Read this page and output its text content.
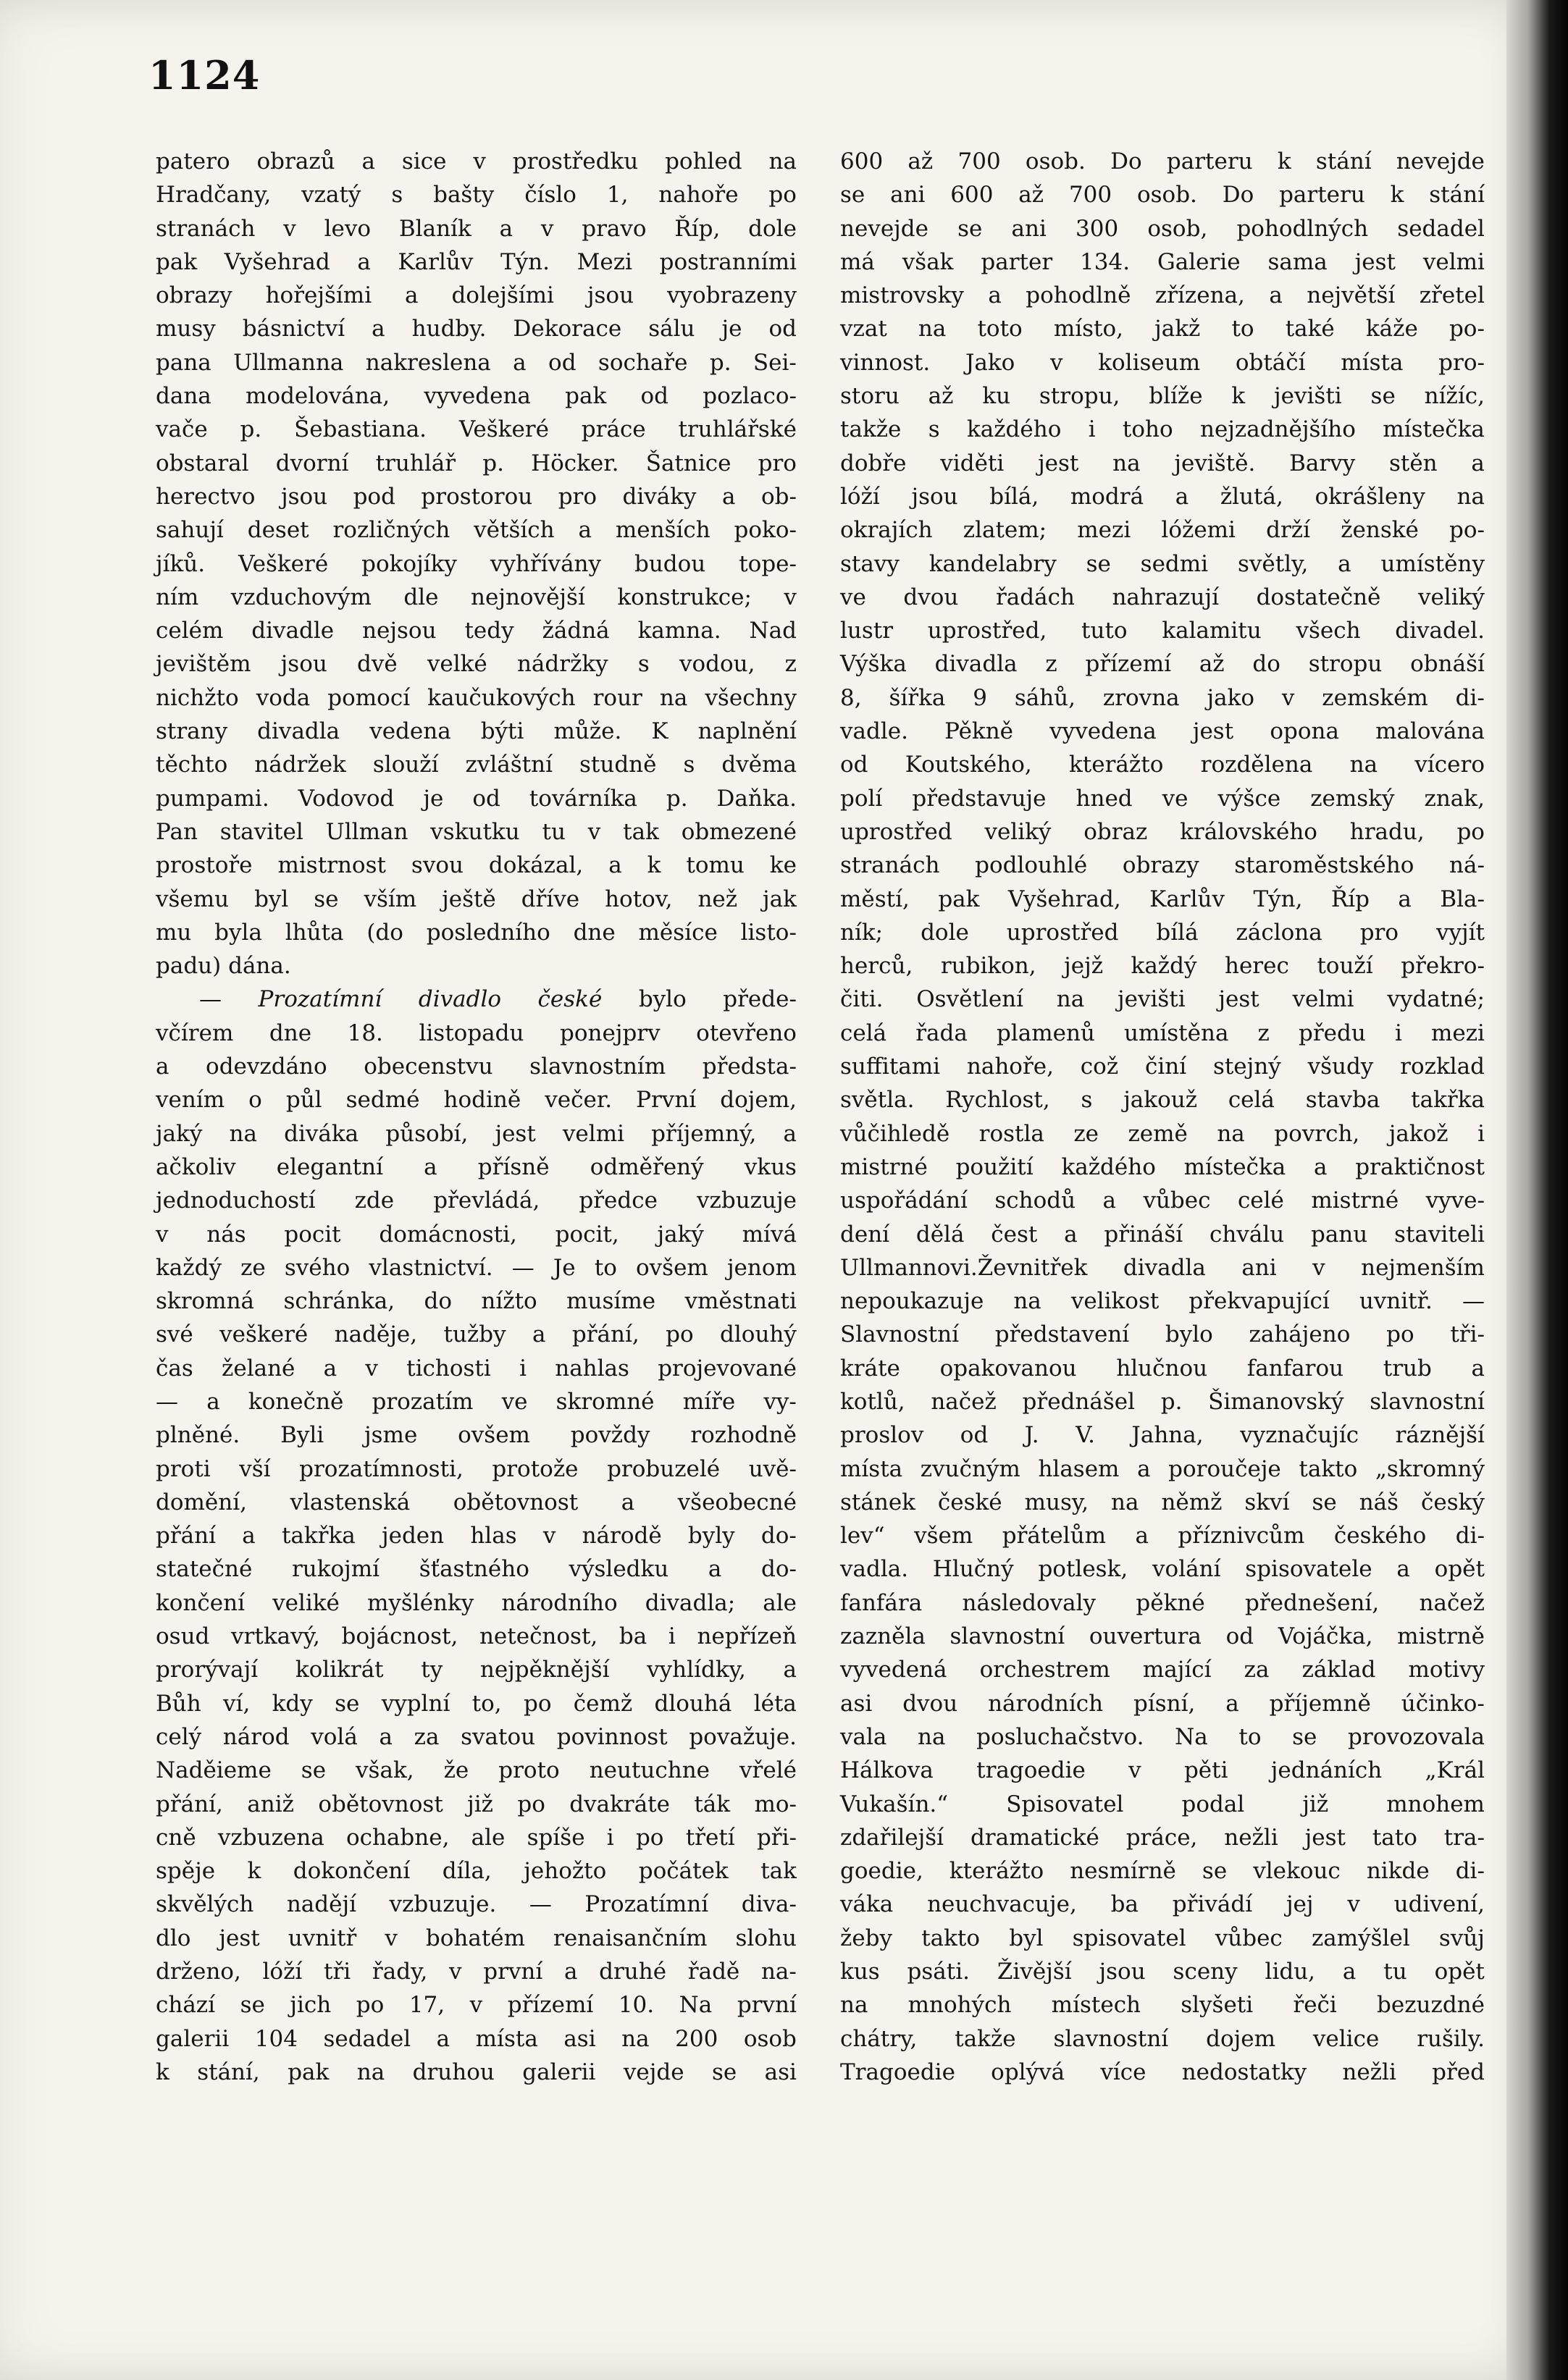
1124
patero obrazů a sice v prostředku pohled na
Hradčany, vzatý s bašty číslo 1, nahoře po
stranách v levo Blaník a v pravo Říp, dole
pak Vyšehrad a Karlův Týn. Mezi postranními
obrazy hořejšími a dolejšími jsou vyobrazeny
musy básnictví a hudby. Dekorace sálu je od
pana Ullmanna nakreslena a od sochaře p. Sei-
dana modelována, vyvedena pak od pozlaco-
vače p. Šebastiana. Veškeré práce truhlářské
obstaral dvorní truhlář p. Höcker. Šatnice pro
herectvo jsou pod prostorou pro diváky a ob-
sahují deset rozličných větších a menších poko-
jíků. Veškeré pokojíky vyhřívány budou tope-
ním vzduchovým dle nejnovější konstrukce; v
celém divadle nejsou tedy žádná kamna. Nad
jevištěm jsou dvě velké nádržky s vodou, z
nichžto voda pomocí kaučukových rour na všechny
strany divadla vedena býti může. K naplnění
těchto nádržek slouží zvláštní studně s dvěma
pumpami. Vodovod je od továrníka p. Daňka.
Pan stavitel Ullman vskutku tu v tak obmezené
prostoře mistrnost svou dokázal, a k tomu ke
všemu byl se vším ještě dříve hotov, než jak
mu byla lhůta (do posledního dne měsíce listo-
padu) dána.
— Prozatímní divadlo české bylo přede-
včírem dne 18. listopadu ponejprv otevřeno
a odevzdáno obecenstvu slavnostním předsta-
vením o půl sedmé hodině večer. První dojem,
jaký na diváka působí, jest velmi příjemný, a
ačkoliv elegantní a přísně odměřený vkus
jednoduchostí zde převládá, předce vzbuzuje
v nás pocit domácnosti, pocit, jaký mívá
každý ze svého vlastnictví. — Je to ovšem jenom
skromná schránka, do nížto musíme vměstnati
své veškeré naděje, tužby a přání, po dlouhý
čas želané a v tichosti i nahlas projevované
— a konečně prozatím ve skromné míře vy-
plněné. Byli jsme ovšem povždy rozhodně
proti vší prozatímnosti, protože probuzelé uvě-
domění, vlastenská obětovnost a všeobecné
přání a takřka jeden hlas v národě byly do-
statečné rukojmí šťastného výsledku a do-
končení veliké myšlénky národního divadla; ale
osud vrtkavý, bojácnost, netečnost, ba i nepřízeň
prorývají kolikrát ty nejpěknější vyhlídky, a
Bůh ví, kdy se vyplní to, po čemž dlouhá léta
celý národ volá a za svatou povinnost považuje.
Naděieme se však, že proto neutuchne vřelé
přání, aniž obětovnost již po dvakráte ták mo-
cně vzbuzena ochabne, ale spíše i po třetí při-
spěje k dokončení díla, jehožto počátek tak
skvělých nadějí vzbuzuje. — Prozatímní diva-
dlo jest uvnitř v bohatém renaisančním slohu
drženo, lóží tři řady, v první a druhé řadě na-
chází se jich po 17, v přízemí 10. Na první
galerii 104 sedadel a místa asi na 200 osob
k stání, pak na druhou galerii vejde se asi
600 až 700 osob. Do parteru k stání nevejde
se ani 600 až 700 osob. Do parteru k stání
nevejde se ani 300 osob, pohodlných sedadel
má však parter 134. Galerie sama jest velmi
mistrovsky a pohodlně zřízena, a největší zřetel
vzat na toto místo, jakž to také káže po-
vinnost. Jako v koliseum obtáčí místa pro-
storu až ku stropu, blíže k jevišti se nížíc,
takže s každého i toho nejzadnějšího místečka
dobře viděti jest na jeviště. Barvy stěn a
lóží jsou bílá, modrá a žlutá, okrášleny na
okrajích zlatem; mezi lóžemi drží ženské po-
stavy kandelabry se sedmi světly, a umístěny
ve dvou řadách nahrazují dostatečně veliký
lustr uprostřed, tuto kalamitu všech divadel.
Výška divadla z přízemí až do stropu obnáší
8, šířka 9 sáhů, zrovna jako v zemském di-
vadle. Pěkně vyvedena jest opona malována
od Koutského, kterážto rozdělena na vícero
polí představuje hned ve výšce zemský znak,
uprostřed veliký obraz královského hradu, po
stranách podlouhlé obrazy staroměstského ná-
městí, pak Vyšehrad, Karlův Týn, Říp a Bla-
ník; dole uprostřed bílá záclona pro vyjít
herců, rubikon, jejž každý herec touží překro-
čiti. Osvětlení na jevišti jest velmi vydatné;
celá řada plamenů umístěna z předu i mezi
suffitami nahoře, což činí stejný všudy rozklad
světla. Rychlost, s jakouž celá stavba takřka
vůčihledě rostla ze země na povrch, jakož i
mistrné použití každého místečka a praktičnost
uspořádání schodů a vůbec celé mistrné vyve-
dení dělá čest a přináší chválu panu staviteli
Ullmannovi.Ževnitřek divadla ani v nejmenším
nepoukazuje na velikost překvapující uvnitř. —
Slavnostní představení bylo zahájeno po tři-
kráte opakovanou hlučnou fanfarou trub a
kotlů, načež přednášel p. Šimanovský slavnostní
proslov od J. V. Jahna, vyznačujíc ráznější
místa zvučným hlasem a poroučeje takto „skromný
stánek české musy, na němž skví se náš český
lev“ všem přátelům a příznivcům českého di-
vadla. Hlučný potlesk, volání spisovatele a opět
fanfára následovaly pěkné přednešení, načež
zazněla slavnostní ouvertura od Vojáčka, mistrně
vyvedená orchestrem mající za základ motivy
asi dvou národních písní, a příjemně účinko-
vala na posluchačstvo. Na to se provozovala
Hálkova tragoedie v pěti jednáních „Král
Vukašín.“	Spisovatel	podal	již	mnohem
zdařilejší dramatické práce, nežli jest tato tra-
goedie, kterážto nesmírně se vlekouc nikde di-
váka neuchvacuje, ba přivádí jej v udivení,
žeby takto byl spisovatel vůbec zamýšlel svůj
kus psáti. Živější jsou sceny lidu, a tu opět
na mnohých místech slyšeti řeči bezuzdné
chátry, takže slavnostní dojem velice rušily.
Tragoedie oplývá více nedostatky nežli před
